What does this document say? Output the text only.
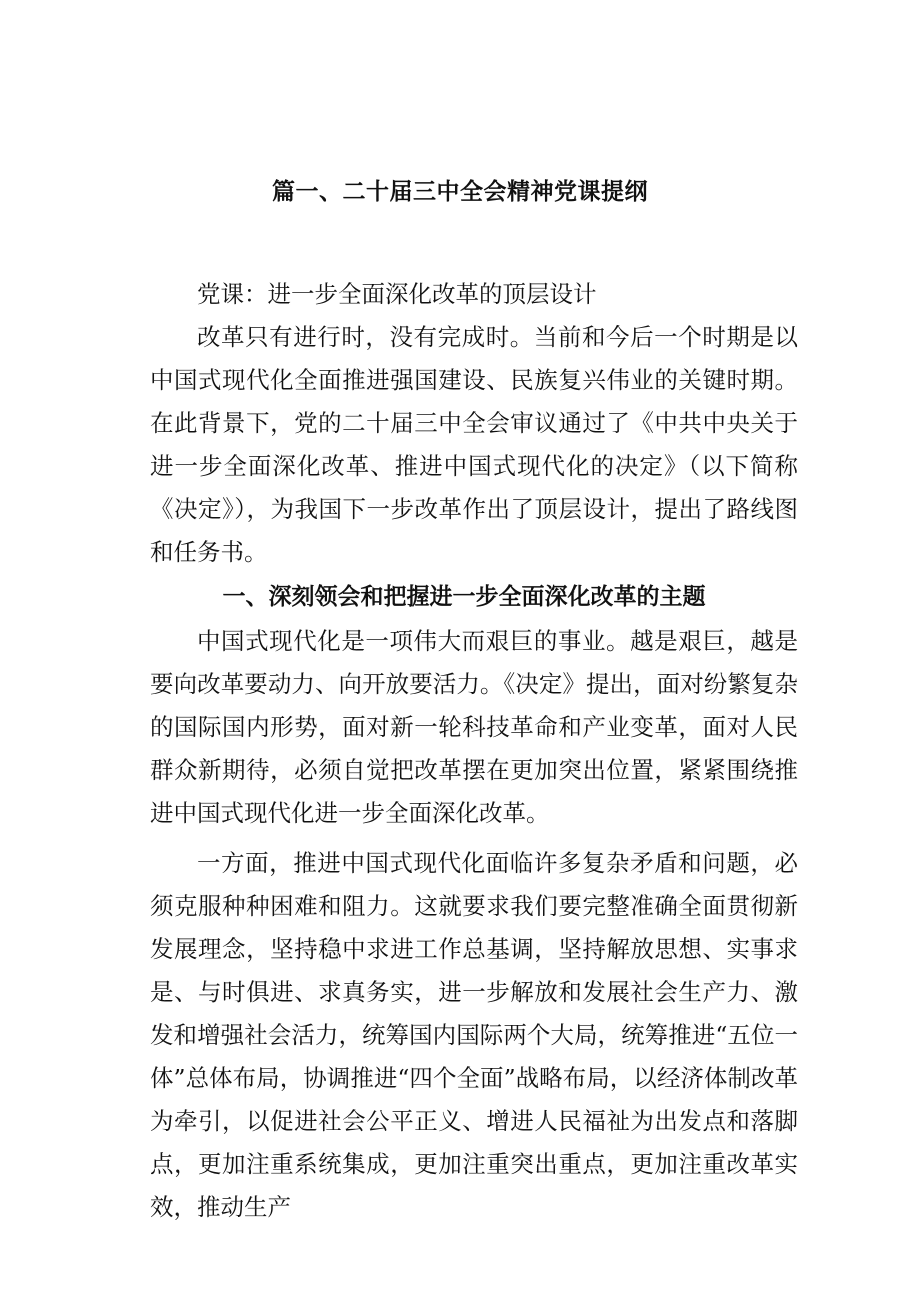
篇一、二十届三中全会精神党课提纲

党课：进一步全面深化改革的顶层设计

改革只有进行时，没有完成时。当前和今后一个时期是以中国式现代化全面推进强国建设、民族复兴伟业的关键时期。在此背景下，党的二十届三中全会审议通过了《中共中央关于进一步全面深化改革、推进中国式现代化的决定》（以下简称《决定》），为我国下一步改革作出了顶层设计，提出了路线图和任务书。

一、深刻领会和把握进一步全面深化改革的主题

中国式现代化是一项伟大而艰巨的事业。越是艰巨，越是要向改革要动力、向开放要活力。《决定》提出，面对纷繁复杂的国际国内形势，面对新一轮科技革命和产业变革，面对人民群众新期待，必须自觉把改革摆在更加突出位置，紧紧围绕推进中国式现代化进一步全面深化改革。

一方面，推进中国式现代化面临许多复杂矛盾和问题，必须克服种种困难和阻力。这就要求我们要完整准确全面贯彻新发展理念，坚持稳中求进工作总基调，坚持解放思想、实事求是、与时俱进、求真务实，进一步解放和发展社会生产力、激发和增强社会活力，统筹国内国际两个大局，统筹推进“五位一体”总体布局，协调推进“四个全面”战略布局，以经济体制改革为牵引，以促进社会公平正义、增进人民福祉为出发点和落脚点，更加注重系统集成，更加注重突出重点，更加注重改革实效，推动生产
